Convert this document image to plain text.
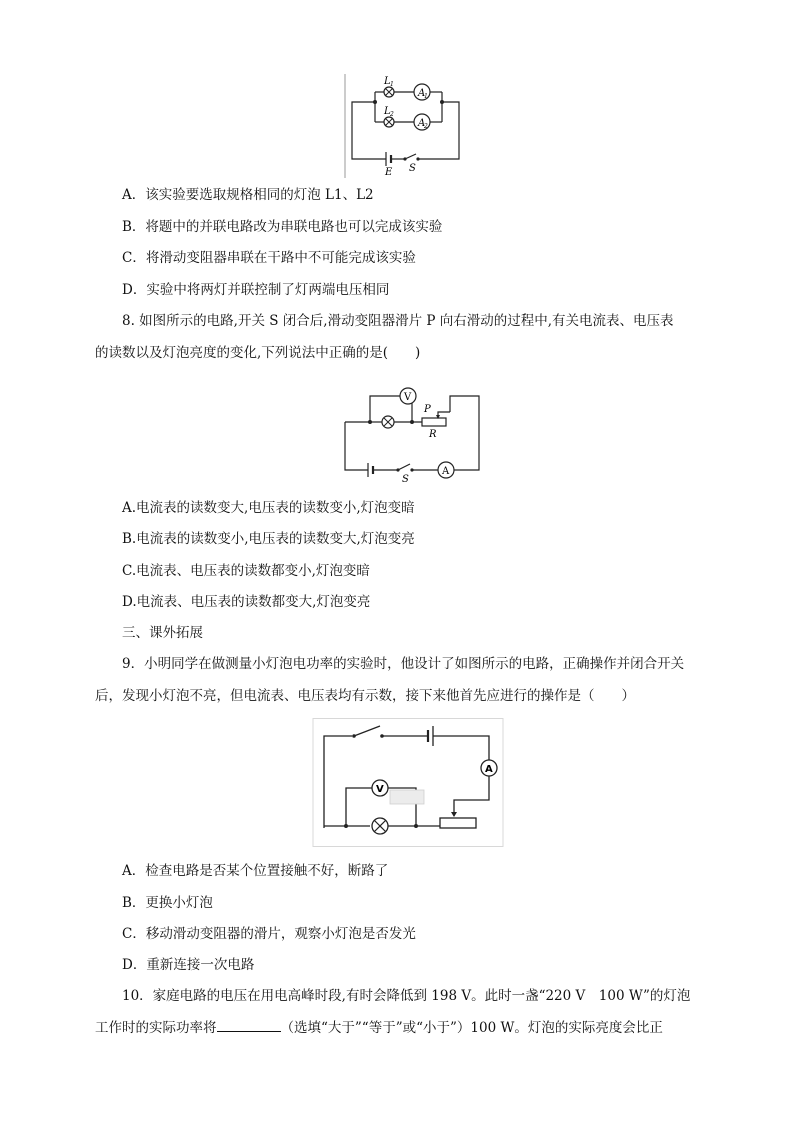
A
1
A
2
L 1
L 2
E S
A．该实验要选取规格相同的灯泡 L1、L2
B．将题中的并联电路改为串联电路也可以完成该实验
C．将滑动变阻器串联在干路中不可能完成该实验
D．实验中将两灯并联控制了灯两端电压相同
8. 如图所示的电路,开关 S 闭合后,滑动变阻器滑片 P 向右滑动的过程中,有关电流表、电压表
的读数以及灯泡亮度的变化,下列说法中正确的是(　　)
V
P
R
S
A
A.电流表的读数变大,电压表的读数变小,灯泡变暗
B.电流表的读数变小,电压表的读数变大,灯泡变亮
C.电流表、电压表的读数都变小,灯泡变暗
D.电流表、电压表的读数都变大,灯泡变亮
三、课外拓展
9．小明同学在做测量小灯泡电功率的实验时，他设计了如图所示的电路，正确操作并闭合开关
后，发现小灯泡不亮，但电流表、电压表均有示数，接下来他首先应进行的操作是（　　）
A
V
A．检查电路是否某个位置接触不好，断路了
B．更换小灯泡
C．移动滑动变阻器的滑片，观察小灯泡是否发光
D．重新连接一次电路
10．家庭电路的电压在用电高峰时段,有时会降低到 198 V。此时一盏“220 V　100 W”的灯泡
工作时的实际功率将	（选填“大于”“等于”或“小于”）100 W。灯泡的实际亮度会比正
